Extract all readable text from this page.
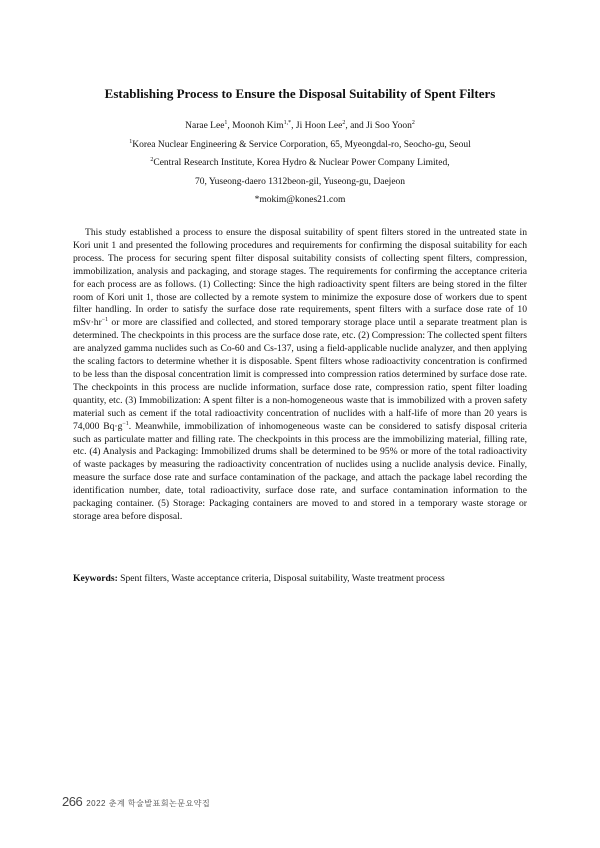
Establishing Process to Ensure the Disposal Suitability of Spent Filters
Narae Lee$^1$, Moonoh Kim$^{1,*}$, Ji Hoon Lee$^2$, and Ji Soo Yoon$^2$
$^1$Korea Nuclear Engineering & Service Corporation, 65, Myeongdal-ro, Seocho-gu, Seoul
$^2$Central Research Institute, Korea Hydro & Nuclear Power Company Limited,
70, Yuseong-daero 1312beon-gil, Yuseong-gu, Daejeon
*mokim@kones21.com

This study established a process to ensure the disposal suitability of spent filters stored in the untreated state in Kori unit 1 and presented the following procedures and requirements for confirming the disposal suitability for each process. The process for securing spent filter disposal suitability consists of collecting spent filters, compression, immobilization, analysis and packaging, and storage stages. The requirements for confirming the acceptance criteria for each process are as follows. (1) Collecting: Since the high radioactivity spent filters are being stored in the filter room of Kori unit 1, those are collected by a remote system to minimize the exposure dose of workers due to spent filter handling. In order to satisfy the surface dose rate requirements, spent filters with a surface dose rate of 10 $mSv\cdot hr^{-1}$ or more are classified and collected, and stored temporary storage place until a separate treatment plan is determined. The checkpoints in this process are the surface dose rate, etc. (2) Compression: The collected spent filters are analyzed gamma nuclides such as Co-60 and Cs-137, using a field-applicable nuclide analyzer, and then applying the scaling factors to determine whether it is disposable. Spent filters whose radioactivity concentration is confirmed to be less than the disposal concentration limit is compressed into compression ratios determined by surface dose rate. The checkpoints in this process are nuclide information, surface dose rate, compression ratio, spent filter loading quantity, etc. (3) Immobilization: A spent filter is a non-homogeneous waste that is immobilized with a proven safety material such as cement if the total radioactivity concentration of nuclides with a half-life of more than 20 years is 74,000 $Bq\cdot g^{-1}$. Meanwhile, immobilization of inhomogeneous waste can be considered to satisfy disposal criteria such as particulate matter and filling rate. The checkpoints in this process are the immobilizing material, filling rate, etc. (4) Analysis and Packaging: Immobilized drums shall be determined to be 95% or more of the total radioactivity of waste packages by measuring the radioactivity concentration of nuclides using a nuclide analysis device. Finally, measure the surface dose rate and surface contamination of the package, and attach the package label recording the identification number, date, total radioactivity, surface dose rate, and surface contamination information to the packaging container. (5) Storage: Packaging containers are moved to and stored in a temporary waste storage or storage area before disposal.

Keywords: Spent filters, Waste acceptance criteria, Disposal suitability, Waste treatment process

266 2022 춘계 학술발표회논문요약집
